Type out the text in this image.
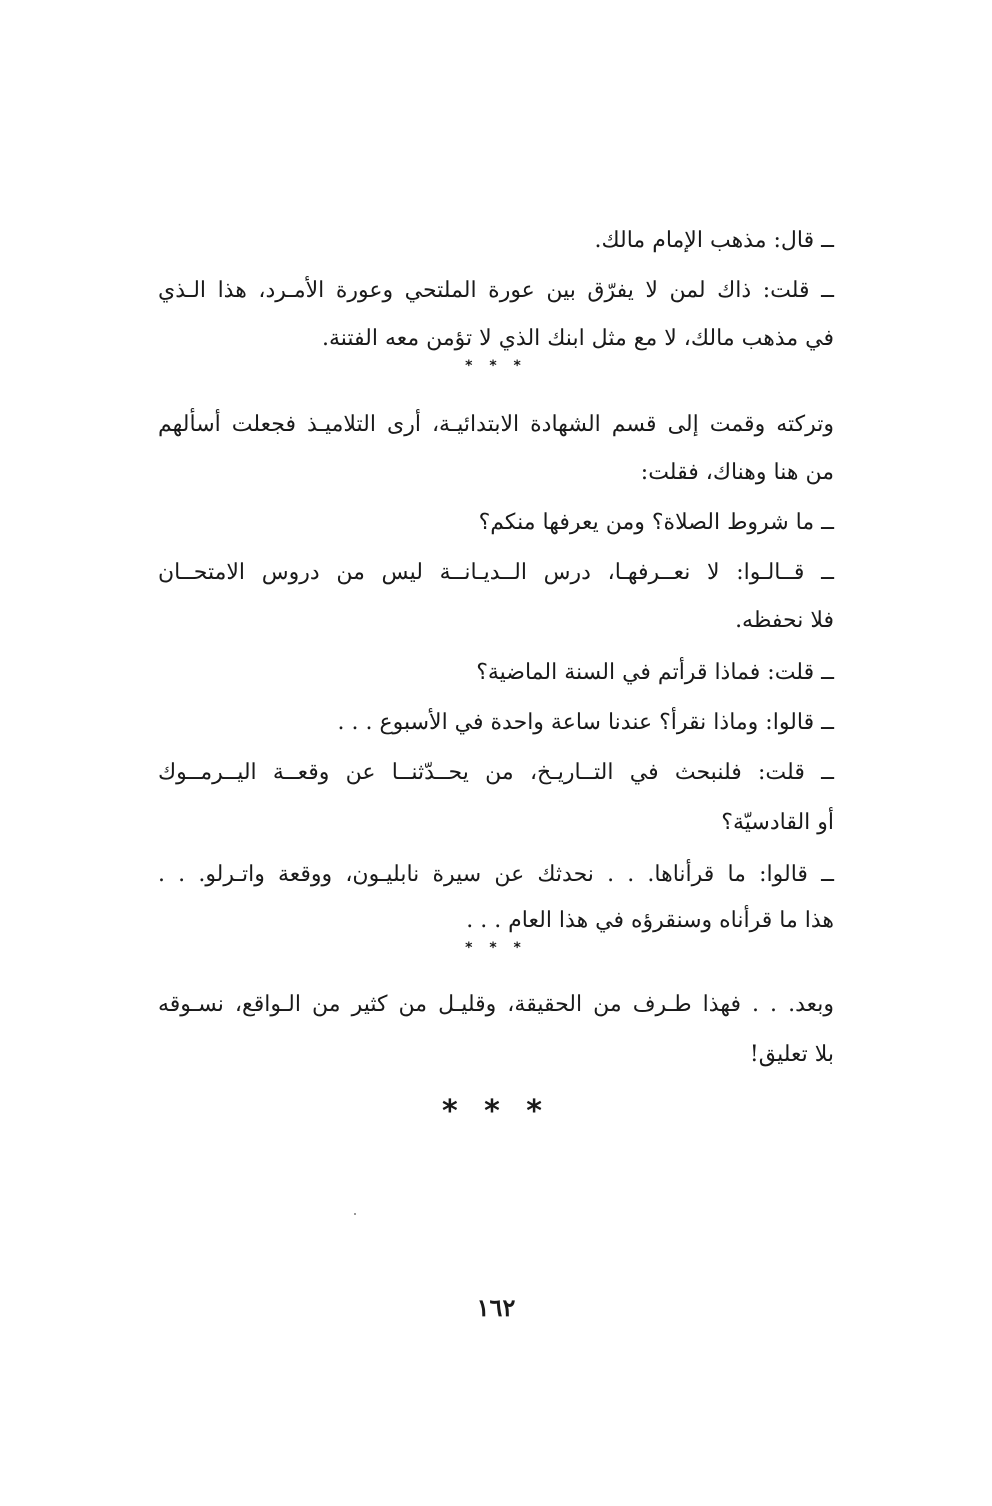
ــ قال: مذهب الإمام مالك.
ــ قلت: ذاك لمن لا يفرّق بين عورة الملتحي وعورة الأمـرد، هذا الـذي
في مذهب مالك، لا مع مثل ابنك الذي لا تؤمن معه الفتنة.
* * *
وتركته وقمت إلى قسم الشهادة الابتدائيـة، أرى التلاميـذ فجعلت أسألهم
من هنا وهناك، فقلت:
ــ ما شروط الصلاة؟ ومن يعرفها منكم؟
ــ قــالـوا: لا نعــرفهـا، درس الــديـانــة ليس من دروس الامتحــان
فلا نحفظه.
ــ قلت: فماذا قرأتم في السنة الماضية؟
ــ قالوا: وماذا نقرأ؟ عندنا ساعة واحدة في الأسبوع . . .
ــ قلت: فلنبحث في التــاريـخ، من يحــدّثنــا عن وقعــة اليــرمــوك
أو القادسيّة؟
ــ قالوا: ما قرأناها. . . نحدثك عن سيرة نابليـون، ووقعة واتـرلو. . .
هذا ما قرأناه وسنقرؤه في هذا العام . . .
* * *
وبعد. . . فهذا طـرف من الحقيقة، وقليـل من كثير من الـواقع، نسـوقه
بلا تعليق!
* * *
١٦٢
